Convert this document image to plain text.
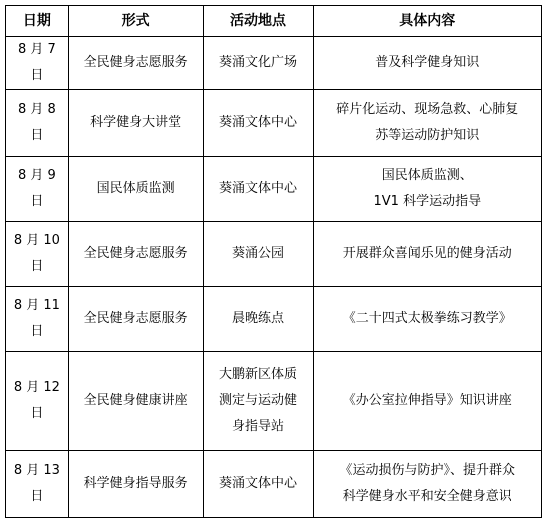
日期	形式	活动地点	具体内容

8 月 7 日	全民健身志愿服务	葵涌文化广场	普及科学健身知识

8 月 8 日	科学健身大讲堂	葵涌文体中心	碎片化运动、现场急救、心肺复
苏等运动防护知识

8 月 9 日	国民体质监测	葵涌文体中心	国民体质监测、
1V1 科学运动指导

8 月 10
日	全民健身志愿服务	葵涌公园	开展群众喜闻乐见的健身活动

8 月 11
日	全民健身志愿服务	晨晚练点	《二十四式太极拳练习教学》

8 月 12
日	全民健身健康讲座	大鹏新区体质
测定与运动健
身指导站	《办公室拉伸指导》知识讲座

8 月 13
日	科学健身指导服务	葵涌文体中心	《运动损伤与防护》、提升群众
科学健身水平和安全健身意识
